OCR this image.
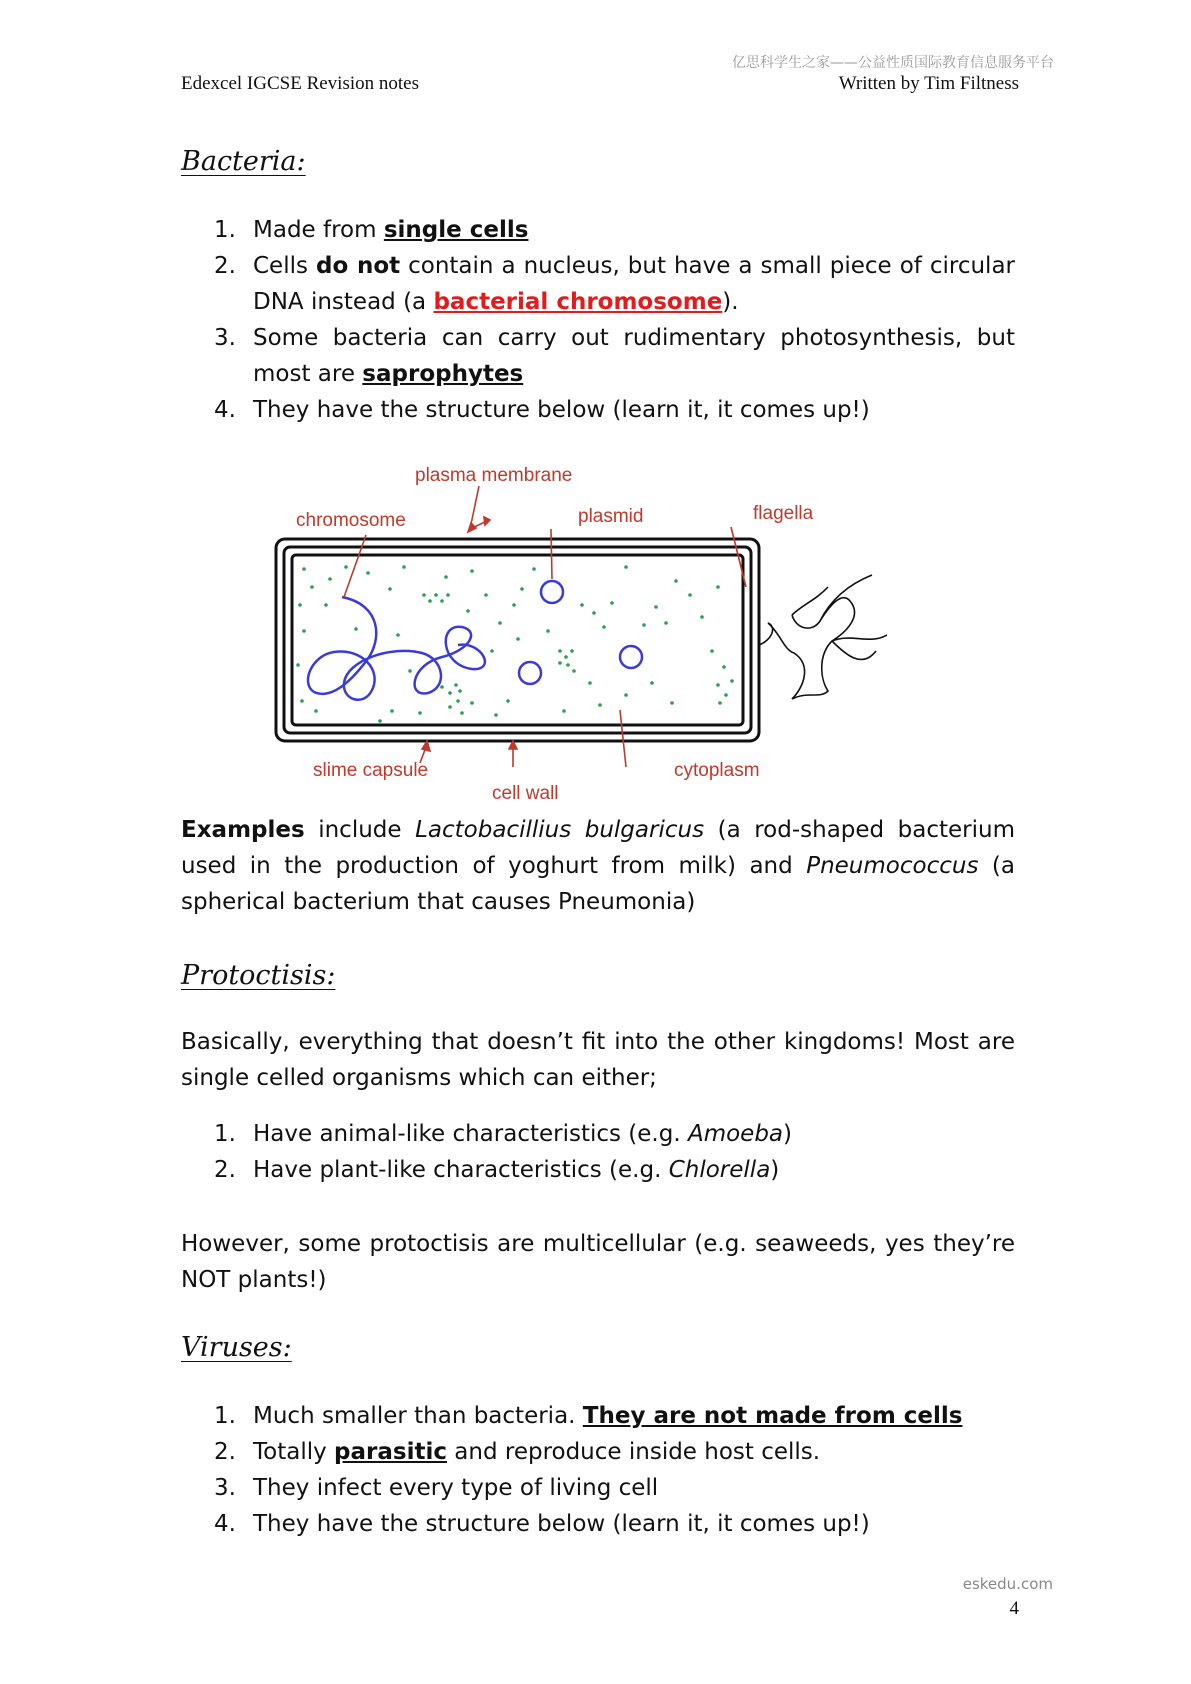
Edexcel IGCSE Revision notes
亿思科学生之家——公益性质国际教育信息服务平台
Written by Tim Filtness
Bacteria:
1. Made from single cells
2. Cells do not contain a nucleus, but have a small piece of circular DNA instead (a bacterial chromosome).
3. Some bacteria can carry out rudimentary photosynthesis, but most are saprophytes
4. They have the structure below (learn it, it comes up!)
plasma membrane
chromosome	plasmid	flagella
slime capsule
cell wall
cytoplasm

Examples include Lactobacillius bulgaricus (a rod-shaped bacterium used in the production of yoghurt from milk) and Pneumococcus (a spherical bacterium that causes Pneumonia)

Protoctisis:

Basically, everything that doesn’t fit into the other kingdoms! Most are single celled organisms which can either;

1. Have animal-like characteristics (e.g. Amoeba)
2. Have plant-like characteristics (e.g. Chlorella)

However, some protoctisis are multicellular (e.g. seaweeds, yes they’re NOT plants!)

Viruses:
1. Much smaller than bacteria. They are not made from cells
2. Totally parasitic and reproduce inside host cells.
3. They infect every type of living cell
4. They have the structure below (learn it, it comes up!)
eskedu.com
4
